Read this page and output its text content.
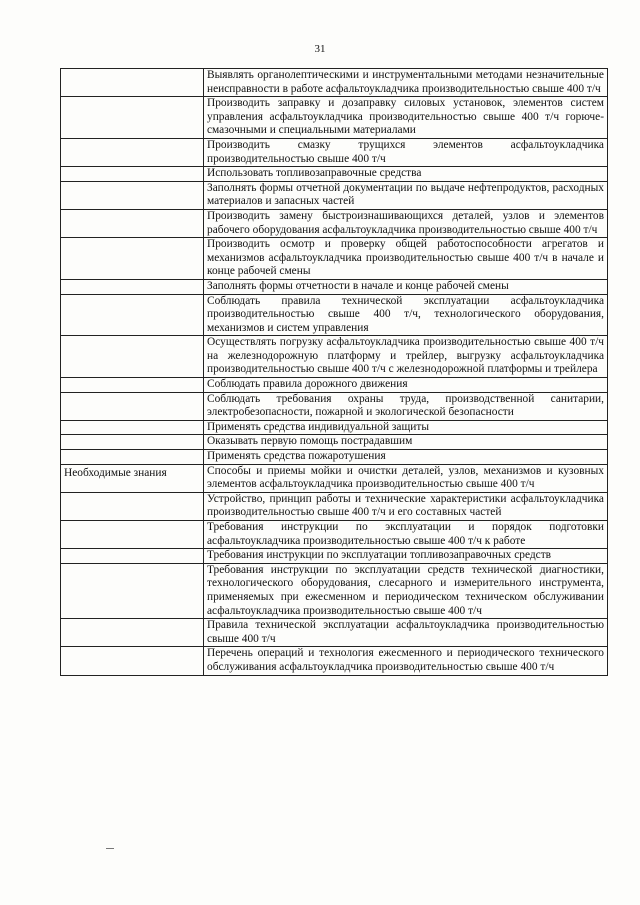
31
	Выявлять органолептическими и инструментальными методами незначительные неисправности в работе асфальтоукладчика производительностью свыше 400 т/ч
	Производить заправку и дозаправку силовых установок, элементов систем управления асфальтоукладчика производительностью свыше 400 т/ч горюче-смазочными и специальными материалами
	Производить смазку трущихся элементов асфальтоукладчика производительностью свыше 400 т/ч
	Использовать топливозаправочные средства
	Заполнять формы отчетной документации по выдаче нефтепродуктов, расходных материалов и запасных частей
	Производить замену быстроизнашивающихся деталей, узлов и элементов рабочего оборудования асфальтоукладчика производительностью свыше 400 т/ч
	Производить осмотр и проверку общей работоспособности агрегатов и механизмов асфальтоукладчика производительностью свыше 400 т/ч в начале и конце рабочей смены
	Заполнять формы отчетности в начале и конце рабочей смены
	Соблюдать правила технической эксплуатации асфальтоукладчика производительностью свыше 400 т/ч, технологического оборудования, механизмов и систем управления
	Осуществлять погрузку асфальтоукладчика производительностью свыше 400 т/ч на железнодорожную платформу и трейлер, выгрузку асфальтоукладчика производительностью свыше 400 т/ч с железнодорожной платформы и трейлера
	Соблюдать правила дорожного движения
	Соблюдать требования охраны труда, производственной санитарии, электробезопасности, пожарной и экологической безопасности
	Применять средства индивидуальной защиты
	Оказывать первую помощь пострадавшим
	Применять средства пожаротушения
Необходимые знания	Способы и приемы мойки и очистки деталей, узлов, механизмов и кузовных элементов асфальтоукладчика производительностью свыше 400 т/ч
	Устройство, принцип работы и технические характеристики асфальтоукладчика производительностью свыше 400 т/ч и его составных частей
	Требования инструкции по эксплуатации и порядок подготовки асфальтоукладчика производительностью свыше 400 т/ч к работе
	Требования инструкции по эксплуатации топливозаправочных средств
	Требования инструкции по эксплуатации средств технической диагностики, технологического оборудования, слесарного и измерительного инструмента, применяемых при ежесменном и периодическом техническом обслуживании асфальтоукладчика производительностью свыше 400 т/ч
	Правила технической эксплуатации асфальтоукладчика производительностью свыше 400 т/ч
	Перечень операций и технология ежесменного и периодического технического обслуживания асфальтоукладчика производительностью свыше 400 т/ч
